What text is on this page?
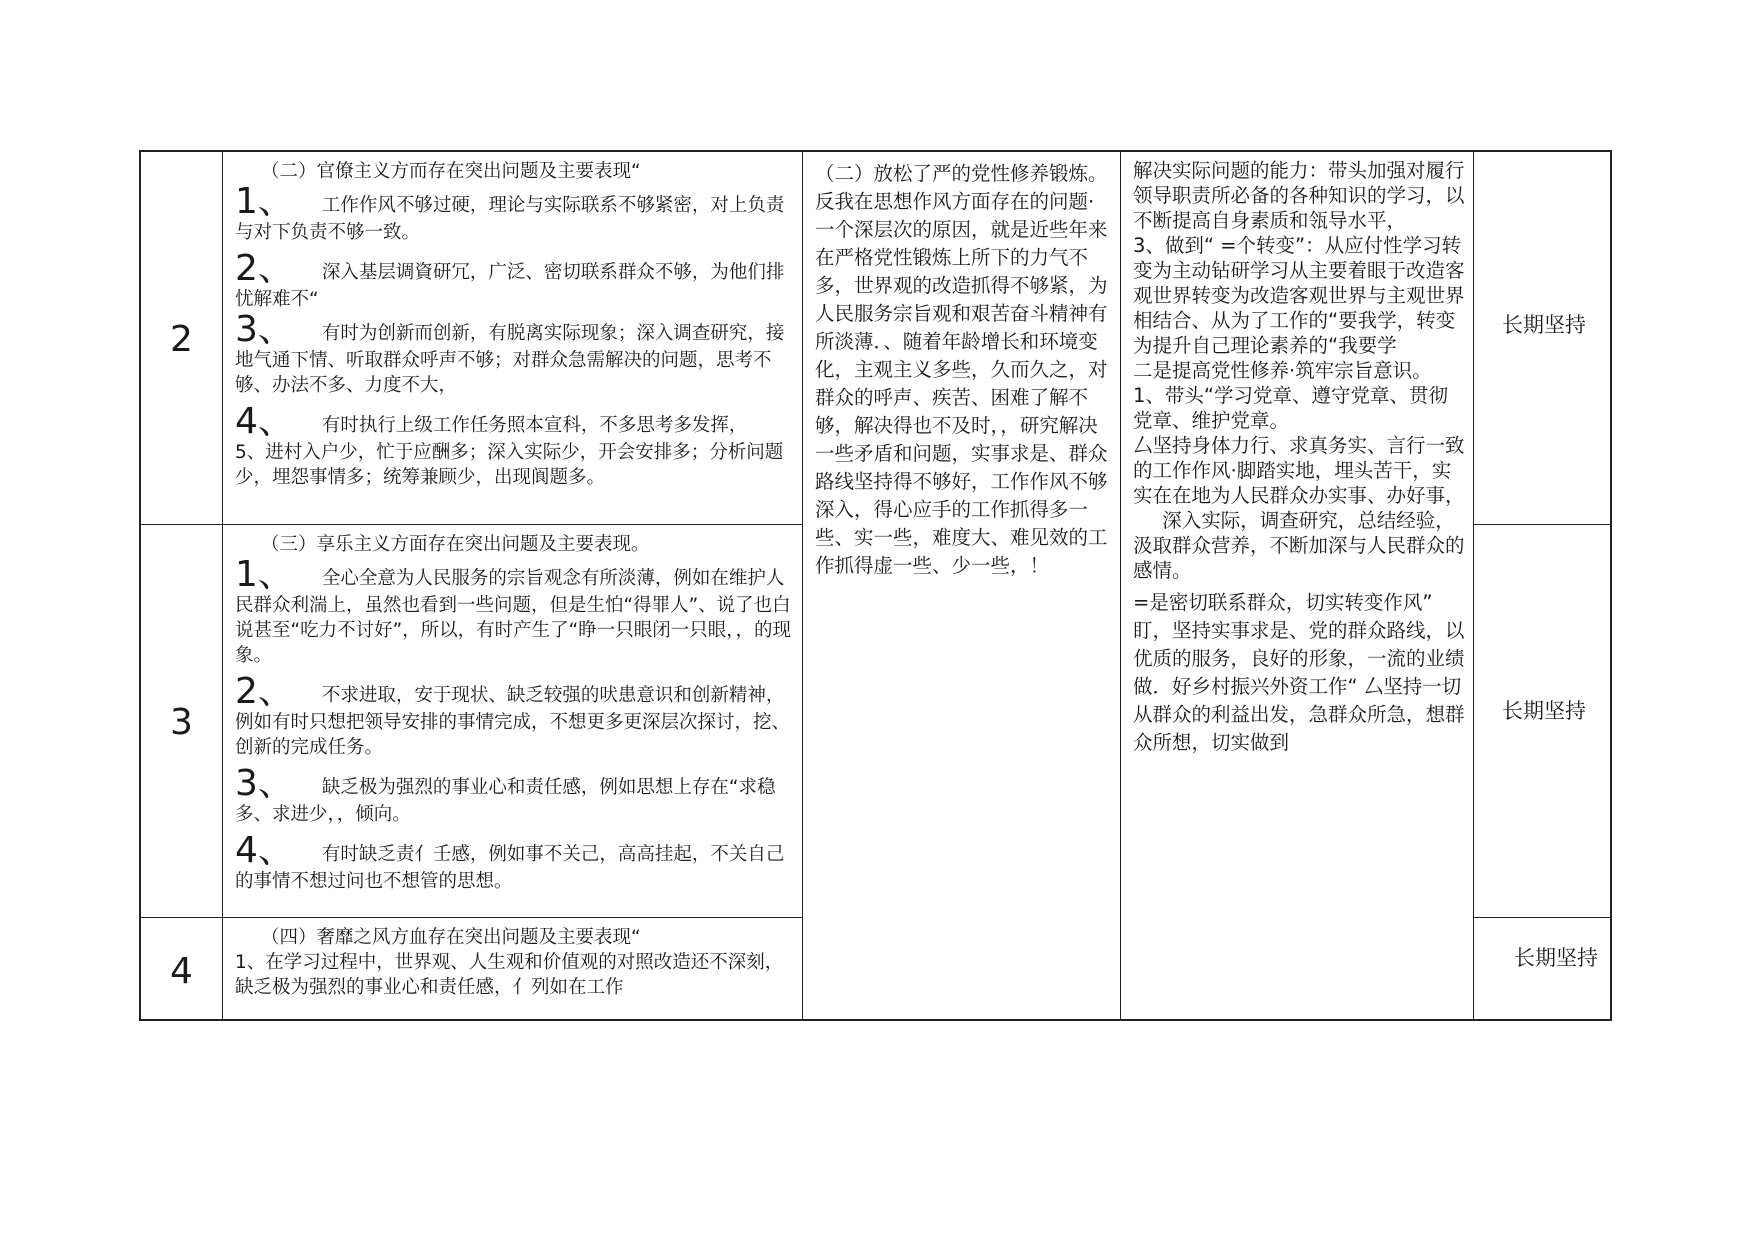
2
3
4

（二）官僚主义方而存在突出问题及主要表现“

1、 工作作风不够过硬，理论与实际联系不够紧密，对上负责与对下负责不够一致。

2、 深入基层调資研冗，广泛、密切联系群众不够，为他们排忧解难不“

3、 有时为创新而创新，有脱离实际现象；深入调查研究，接地气通下情、听取群众呼声不够；对群众急需解决的问题，思考不够、办法不多、力度不大，

4、 有时执行上级工作任务照本宣科，不多思考多发挥，

5、进村入户少，忙于应酬多；深入实际少，开会安排多；分析问题少，埋怨事情多；统筹兼顾少，出现阆题多。

（三）享乐主义方面存在突出问题及主要表现。

1、 全心全意为人民服务的宗旨观念有所淡薄，例如在维护人民群众利湍上，虽然也看到一些问题，但是生怕“得罪人”、说了也白说甚至“吃力不讨好”，所以，有时产生了“睁一只眼闭一只眼，，的现象。

2、 不求进取，安于现状、缺乏较强的吠患意识和创新精神，例如有时只想把领导安排的事情完成，不想更多更深层次探讨，挖、创新的完成任务。

3、 缺乏极为强烈的事业心和责任感，例如思想上存在“求稳多、求进少，，倾向。

4、 有时缺乏责亻壬感，例如事不关己，高高挂起，不关自己的事情不想过问也不想管的思想。

（四）奢靡之风方血存在突出问题及主要表现“

1、在学习过程中，世界观、人生观和价值观的对照改造还不深刻，缺乏极为强烈的事业心和责任感，亻列如在工作

（二）放松了严的党性修养锻炼。反我在思想作风方面存在的问题·一个深层次的原因，就是近些年来在严格党性锻炼上所下的力气不多，世界观的改造抓得不够紧，为人民服务宗旨观和艰苦奋斗精神有所淡薄．、随着年龄增长和环境变化，主观主义多些，久而久之，对群众的呼声、疾苦、困难了解不够，解决得也不及时，，研究解决一些矛盾和问题，实事求是、群众路线坚持得不够好，工作作风不够深入，得心应手的工作抓得多一些、实一些，难度大、难见效的工作抓得虚一些、少一些，！

解决实际问题的能力：带头加强对履行领导职责所必备的各种知识的学习，以不断提高自身素质和瓴导水平，

3、做到“ =个转变”：从应付性学习转变为主动钻研学习从主要着眼于改造客观世界转变为改造客观世界与主观世界相结合、从为了工作的“要我学，转变为提升自己理论素养的“我要学

二是提高党性修养·筑牢宗旨意识。

1、带头“学习党章、遵守党章、贯彻党章、维护党章。

厶坚持身体力行、求真务实、言行一致的工作作风·脚踏实地，埋头苦干，实实在在地为人民群众办实事、办好事，

深入实际，调查研究，总结经验，汲取群众营养，不断加深与人民群众的感情。

=是密切联系群众，切实转变作风” 盯，坚持实事求是、党的群众路线，以优质的服务，良好的形象，一流的业绩做．好乡村振兴外资工作“ 厶坚持一切从群众的利益出发，急群众所急，想群众所想，切实做到

长期坚持
长期坚持
长期坚持
